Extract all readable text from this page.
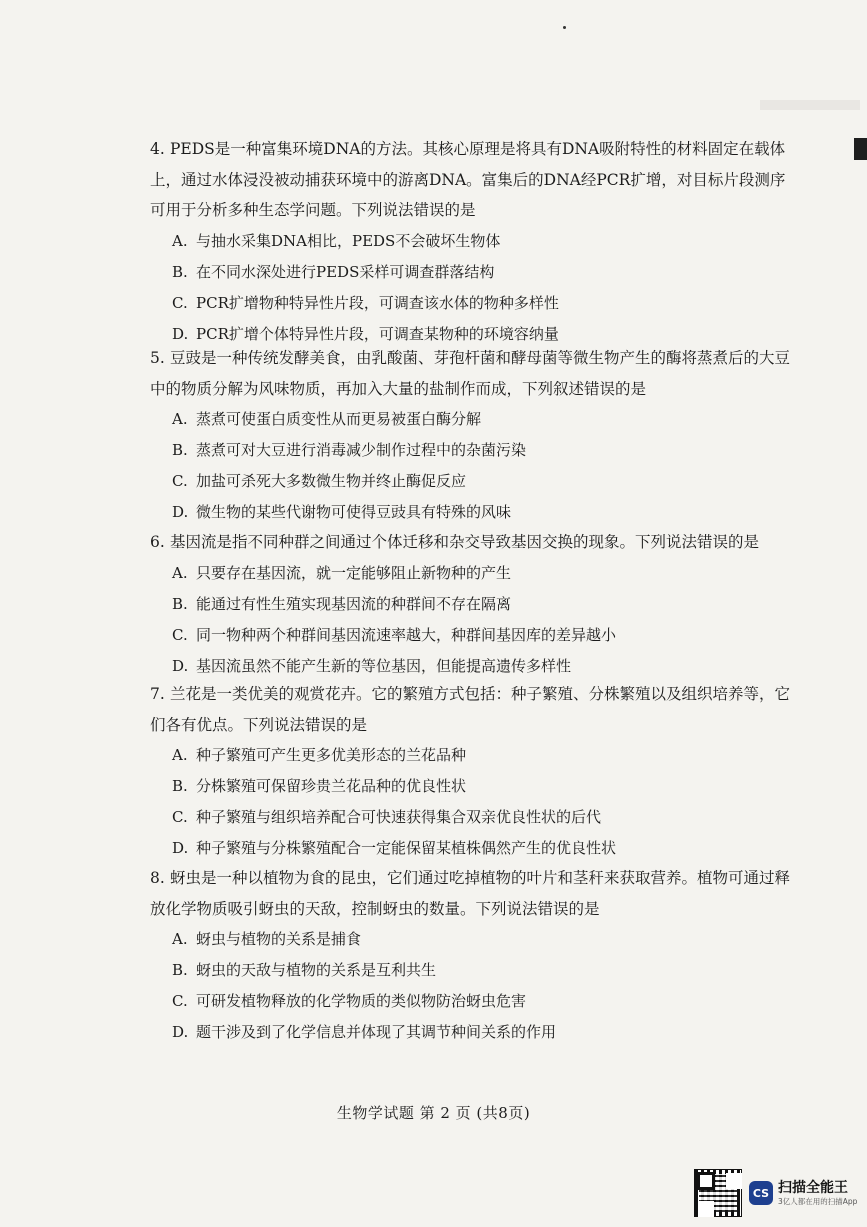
4. PEDS是一种富集环境DNA的方法。其核心原理是将具有DNA吸附特性的材料固定在载体上，通过水体浸没被动捕获环境中的游离DNA。富集后的DNA经PCR扩增，对目标片段测序可用于分析多种生态学问题。下列说法错误的是

A. 与抽水采集DNA相比，PEDS不会破坏生物体

B. 在不同水深处进行PEDS采样可调查群落结构

C. PCR扩增物种特异性片段，可调查该水体的物种多样性

D. PCR扩增个体特异性片段，可调查某物种的环境容纳量

5. 豆豉是一种传统发酵美食，由乳酸菌、芽孢杆菌和酵母菌等微生物产生的酶将蒸煮后的大豆中的物质分解为风味物质，再加入大量的盐制作而成，下列叙述错误的是

A. 蒸煮可使蛋白质变性从而更易被蛋白酶分解

B. 蒸煮可对大豆进行消毒减少制作过程中的杂菌污染

C. 加盐可杀死大多数微生物并终止酶促反应

D. 微生物的某些代谢物可使得豆豉具有特殊的风味

6. 基因流是指不同种群之间通过个体迁移和杂交导致基因交换的现象。下列说法错误的是

A. 只要存在基因流，就一定能够阻止新物种的产生

B. 能通过有性生殖实现基因流的种群间不存在隔离

C. 同一物种两个种群间基因流速率越大，种群间基因库的差异越小

D. 基因流虽然不能产生新的等位基因，但能提高遗传多样性

7. 兰花是一类优美的观赏花卉。它的繁殖方式包括：种子繁殖、分株繁殖以及组织培养等，它们各有优点。下列说法错误的是

A. 种子繁殖可产生更多优美形态的兰花品种

B. 分株繁殖可保留珍贵兰花品种的优良性状

C. 种子繁殖与组织培养配合可快速获得集合双亲优良性状的后代

D. 种子繁殖与分株繁殖配合一定能保留某植株偶然产生的优良性状

8. 蚜虫是一种以植物为食的昆虫，它们通过吃掉植物的叶片和茎秆来获取营养。植物可通过释放化学物质吸引蚜虫的天敌，控制蚜虫的数量。下列说法错误的是

A. 蚜虫与植物的关系是捕食

B. 蚜虫的天敌与植物的关系是互利共生

C. 可研发植物释放的化学物质的类似物防治蚜虫危害

D. 题干涉及到了化学信息并体现了其调节种间关系的作用

生物学试题 第 2 页 (共8页)
CS 扫描全能王
3亿人都在用的扫描App
